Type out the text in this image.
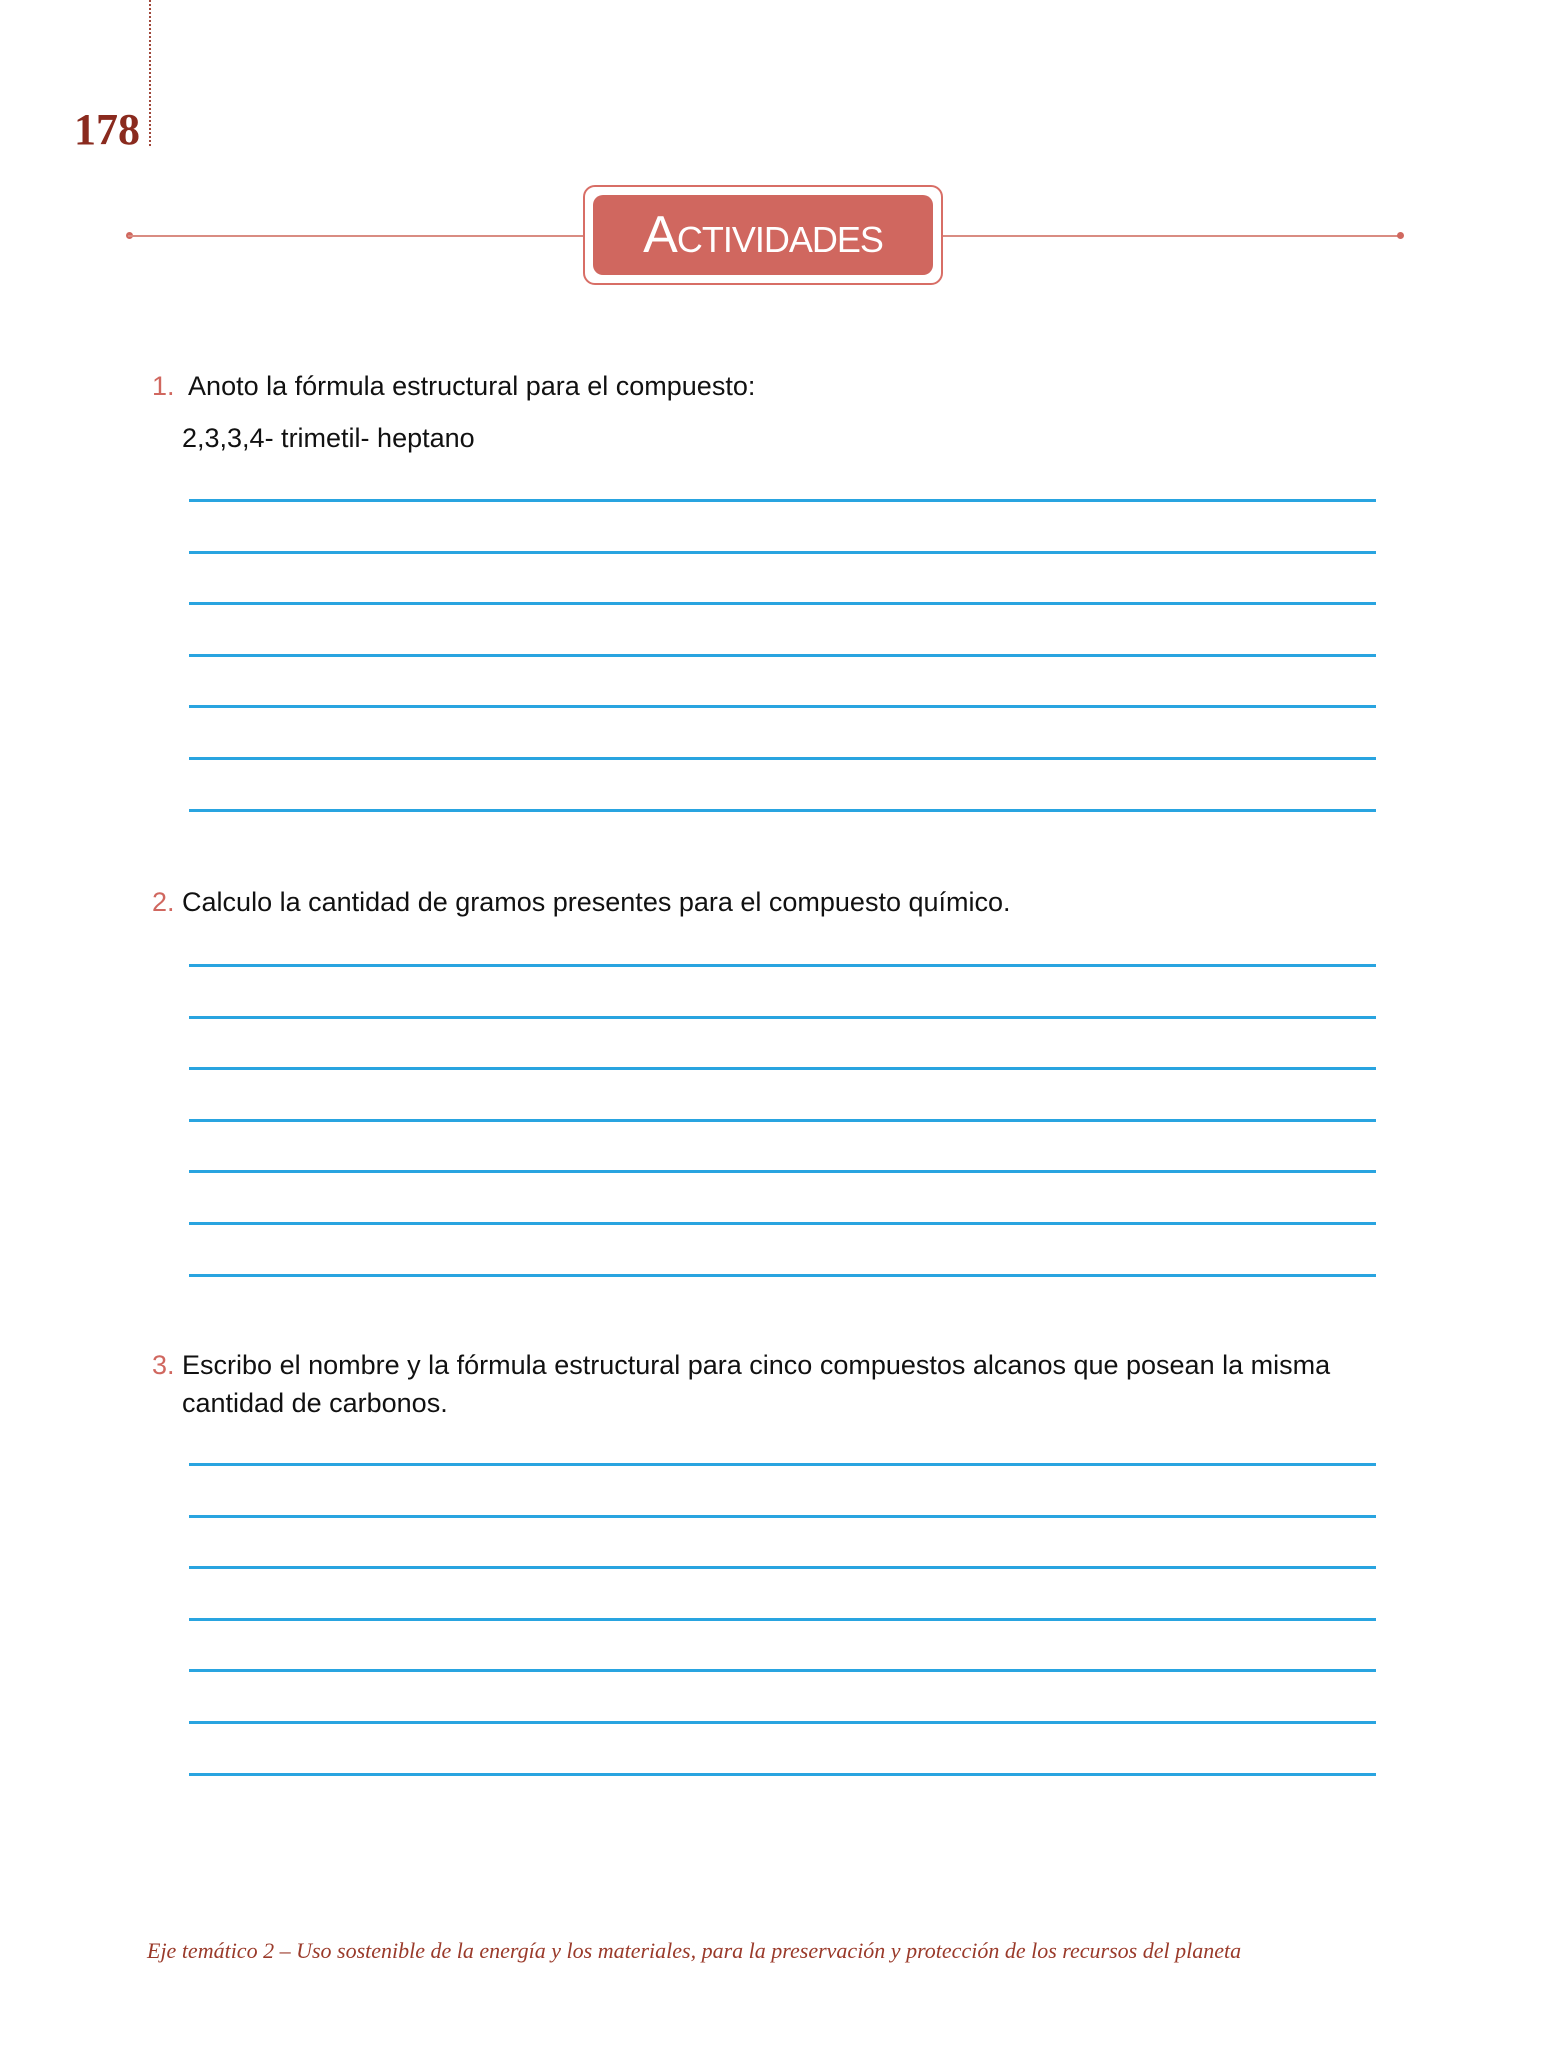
178
Actividades
1. Anoto la fórmula estructural para el compuesto:
2,3,3,4- trimetil- heptano
2. Calculo la cantidad de gramos presentes para el compuesto químico.
3. Escribo el nombre y la fórmula estructural para cinco compuestos alcanos que posean la misma cantidad de carbonos.
Eje temático 2 – Uso sostenible de la energía y los materiales, para la preservación y protección de los recursos del planeta
